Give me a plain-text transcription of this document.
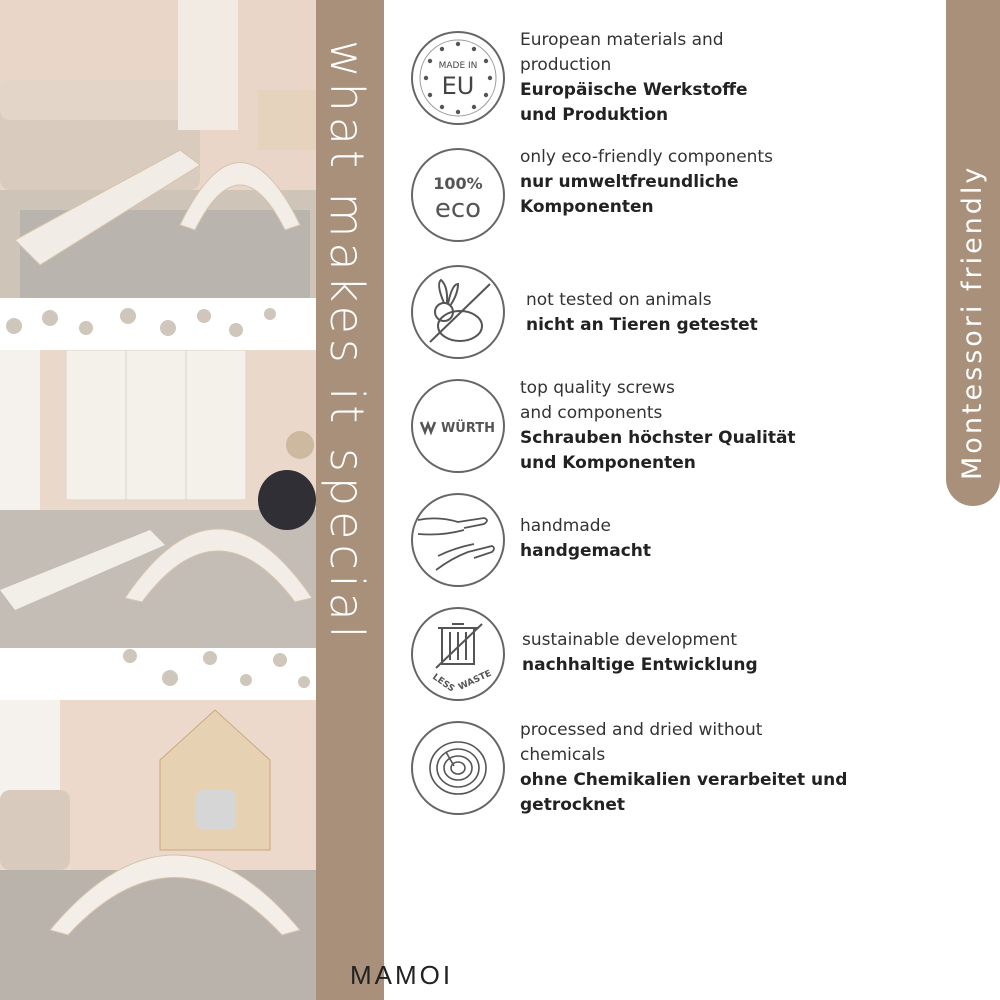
what makes it special	Montessori friendly
MADE IN
EU
European materials and production
Europäische Werkstoffe und Produktion
100%
eco
only eco-friendly components
nur umweltfreundliche Komponenten
not tested on animals
nicht an Tieren getestet
WÜRTH
top quality screws and components
Schrauben höchster Qualität und Komponenten
handmade
handgemacht
LESS WASTE
sustainable development
nachhaltige Entwicklung
processed and dried without chemicals
ohne Chemikalien verarbeitet und getrocknet
MAMOI
